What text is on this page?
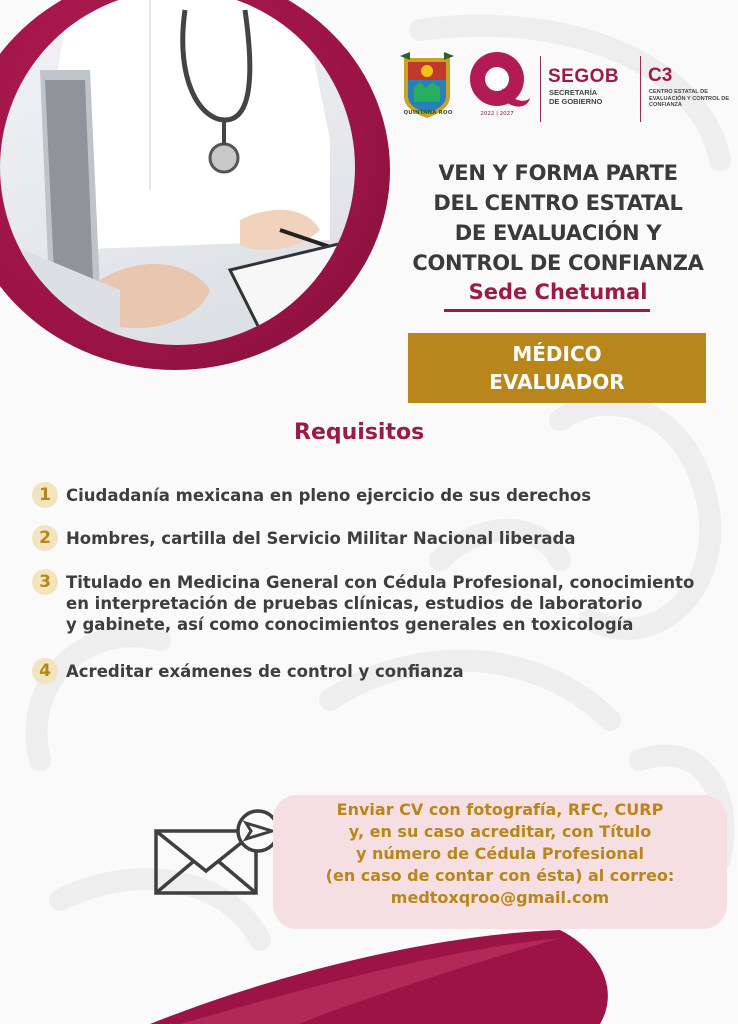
QUINTANA ROO	2022 | 2027
SEGOB
SECRETARÍA
DE GOBIERNO
C3
CENTRO ESTATAL DE EVALUACIÓN Y CONTROL DE CONFIANZA
VEN Y FORMA PARTE
DEL CENTRO ESTATAL
DE EVALUACIÓN Y
CONTROL DE CONFIANZA
Sede Chetumal
MÉDICO
EVALUADOR
Requisitos
1 Ciudadanía mexicana en pleno ejercicio de sus derechos
2 Hombres, cartilla del Servicio Militar Nacional liberada
3 Titulado en Medicina General con Cédula Profesional, conocimiento
en interpretación de pruebas clínicas, estudios de laboratorio
y gabinete, así como conocimientos generales en toxicología
4 Acreditar exámenes de control y confianza
Enviar CV con fotografía, RFC, CURP
y, en su caso acreditar, con Título
y número de Cédula Profesional
(en caso de contar con ésta) al correo:
medtoxqroo@gmail.com
